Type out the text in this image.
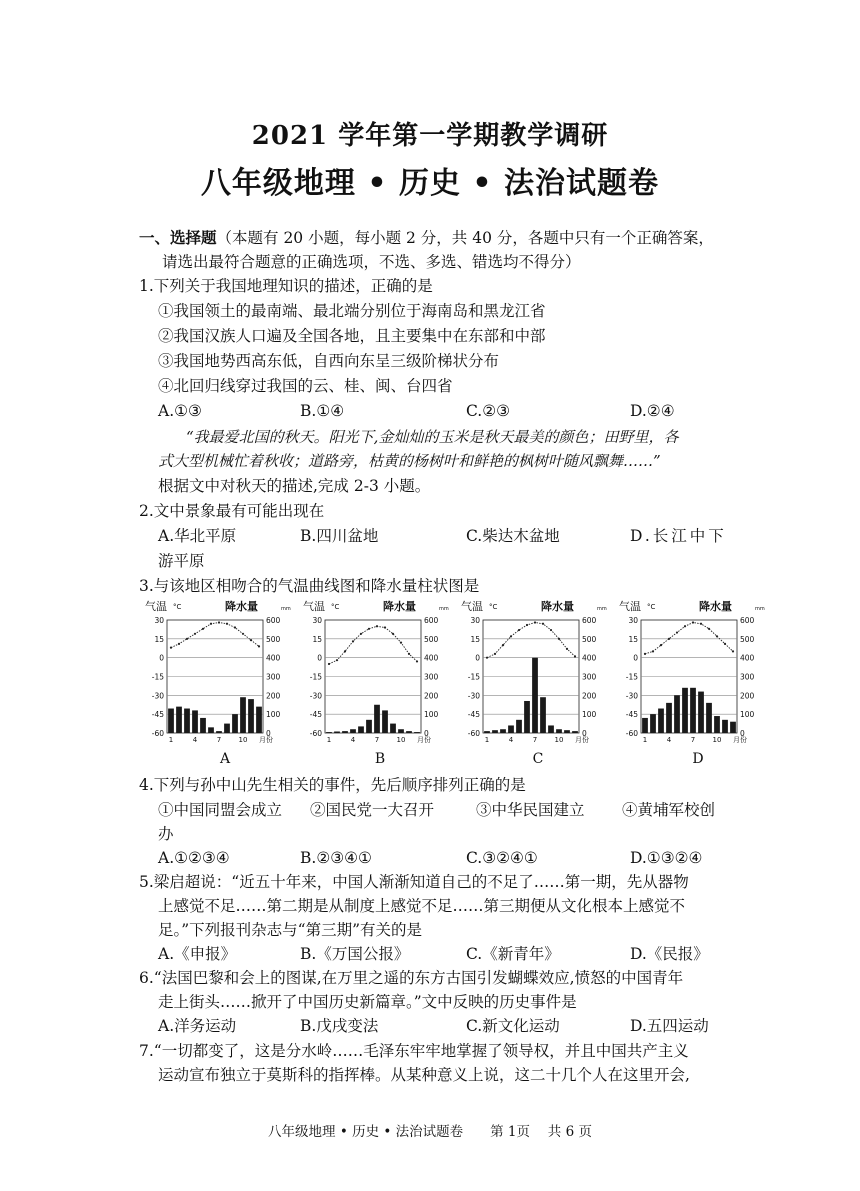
2021 学年第一学期教学调研
八年级地理 • 历史 • 法治试题卷
一、选择题（本题有 20 小题，每小题 2 分，共 40 分，各题中只有一个正确答案，
请选出最符合题意的正确选项，不选、多选、错选均不得分）
1.下列关于我国地理知识的描述，正确的是
①我国领土的最南端、最北端分别位于海南岛和黑龙江省
②我国汉族人口遍及全国各地，且主要集中在东部和中部
③我国地势西高东低，自西向东呈三级阶梯状分布
④北回归线穿过我国的云、桂、闽、台四省
A.①③	B.①④	C.②③	D.②④
“我最爱北国的秋天。阳光下,金灿灿的玉米是秋天最美的颜色；田野里，各
式大型机械忙着秋收；道路旁，枯黄的杨树叶和鲜艳的枫树叶随风飘舞……”
根据文中对秋天的描述,完成 2-3 小题。
2.文中景象最有可能出现在
A.华北平原	B.四川盆地	C.柴达木盆地	D.长江中下
游平原
3.与该地区相吻合的气温曲线图和降水量柱状图是
气温 °C	降水量	mm
30	600
15	500
0	400
-15	300
-30	200
-45	100
-60	0
1	4	7 10 月份
气温 °C	降水量	mm
30	600
15	500
0	400
-15	300
-30	200
-45	100
-60	0
1	4	7 10 月份
气温 °C	降水量	mm
30	600
15	500
0	400
-15	300
-30	200
-45	100
-60	0
1	4	7 10 月份
气温 °C	降水量	mm
30	600
15	500
0	400
-15	300
-30	200
-45	100
-60	0
1	4	7 10 月份
A	B	C	D
4.下列与孙中山先生相关的事件，先后顺序排列正确的是
①中国同盟会成立 ②国民党一大召开	③中华民国建立 ④黄埔军校创
办
A.①②③④	B.②③④①	C.③②④①	D.①③②④
5.梁启超说：“近五十年来，中国人渐渐知道自己的不足了……第一期，先从器物
上感觉不足……第二期是从制度上感觉不足……第三期便从文化根本上感觉不
足。”下列报刊杂志与“第三期”有关的是
A.《申报》	B.《万国公报》	C.《新青年》	D.《民报》
6.“法国巴黎和会上的图谋,在万里之遥的东方古国引发蝴蝶效应,愤怒的中国青年
走上街头……掀开了中国历史新篇章。”文中反映的历史事件是
A.洋务运动	B.戊戌变法	C.新文化运动	D.五四运动
7.“一切都变了，这是分水岭……毛泽东牢牢地掌握了领导权，并且中国共产主义
运动宣布独立于莫斯科的指挥棒。从某种意义上说，这二十几个人在这里开会,
八年级地理 • 历史 • 法治试题卷　　第 1页　 共 6 页
